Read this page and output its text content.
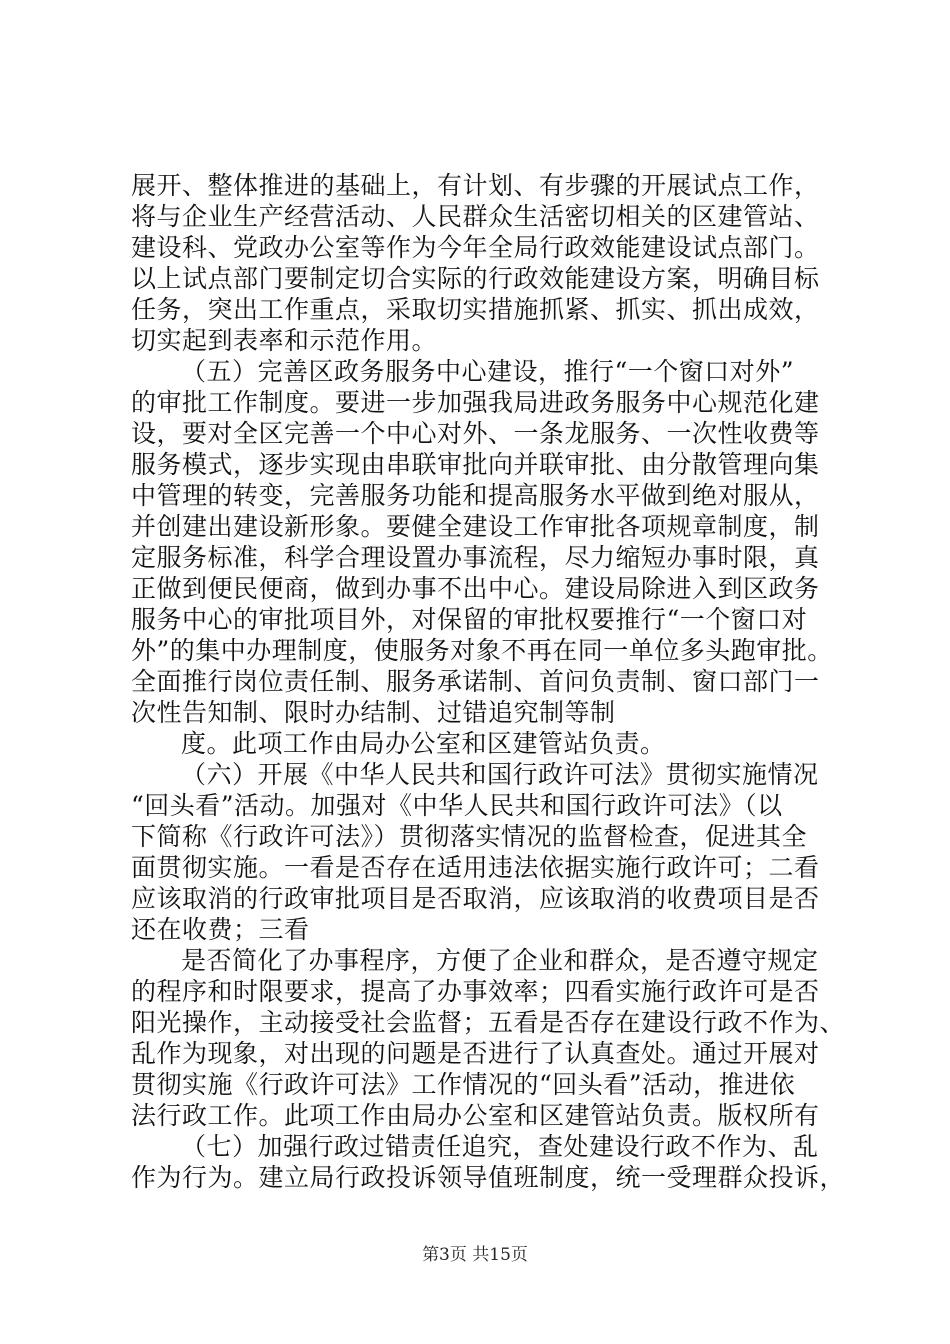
展开、整体推进的基础上，有计划、有步骤的开展试点工作，
将与企业生产经营活动、人民群众生活密切相关的区建管站、
建设科、党政办公室等作为今年全局行政效能建设试点部门。
以上试点部门要制定切合实际的行政效能建设方案，明确目标
任务，突出工作重点，采取切实措施抓紧、抓实、抓出成效，
切实起到表率和示范作用。
（五）完善区政务服务中心建设，推行“一个窗口对外”
的审批工作制度。要进一步加强我局进政务服务中心规范化建
设，要对全区完善一个中心对外、一条龙服务、一次性收费等
服务模式，逐步实现由串联审批向并联审批、由分散管理向集
中管理的转变，完善服务功能和提高服务水平做到绝对服从，
并创建出建设新形象。要健全建设工作审批各项规章制度，制
定服务标准，科学合理设置办事流程，尽力缩短办事时限，真
正做到便民便商，做到办事不出中心。建设局除进入到区政务
服务中心的审批项目外，对保留的审批权要推行“一个窗口对
外”的集中办理制度，使服务对象不再在同一单位多头跑审批。
全面推行岗位责任制、服务承诺制、首问负责制、窗口部门一
次性告知制、限时办结制、过错追究制等制
度。此项工作由局办公室和区建管站负责。
（六）开展《中华人民共和国行政许可法》贯彻实施情况
“回头看”活动。加强对《中华人民共和国行政许可法》（以
下简称《行政许可法》）贯彻落实情况的监督检查，促进其全
面贯彻实施。一看是否存在适用违法依据实施行政许可；二看
应该取消的行政审批项目是否取消，应该取消的收费项目是否
还在收费；三看
是否简化了办事程序，方便了企业和群众，是否遵守规定
的程序和时限要求，提高了办事效率；四看实施行政许可是否
阳光操作，主动接受社会监督；五看是否存在建设行政不作为、
乱作为现象，对出现的问题是否进行了认真查处。通过开展对
贯彻实施《行政许可法》工作情况的“回头看”活动，推进依
法行政工作。此项工作由局办公室和区建管站负责。版权所有
（七）加强行政过错责任追究，查处建设行政不作为、乱
作为行为。建立局行政投诉领导值班制度，统一受理群众投诉，
第3页 共15页
